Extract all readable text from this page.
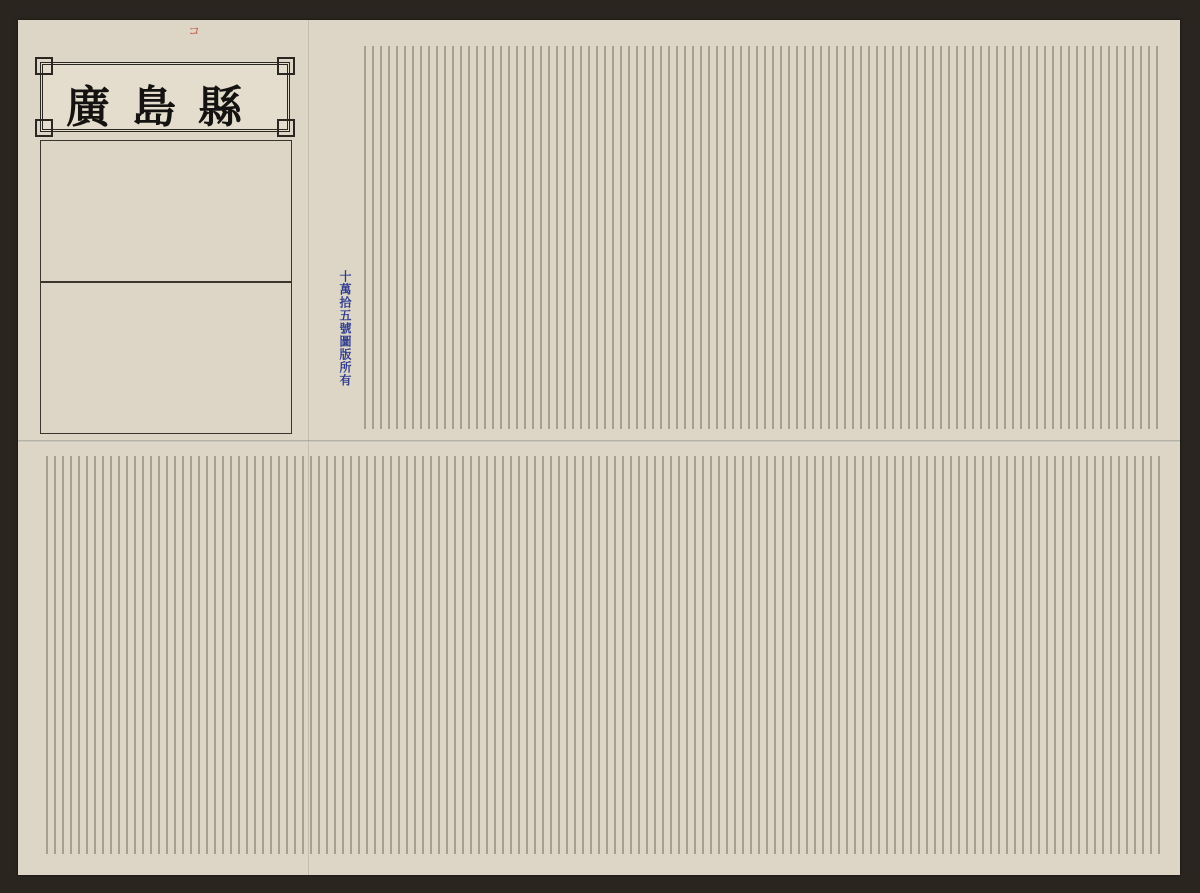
コ
廣島縣
十萬拾五號圖版所有
